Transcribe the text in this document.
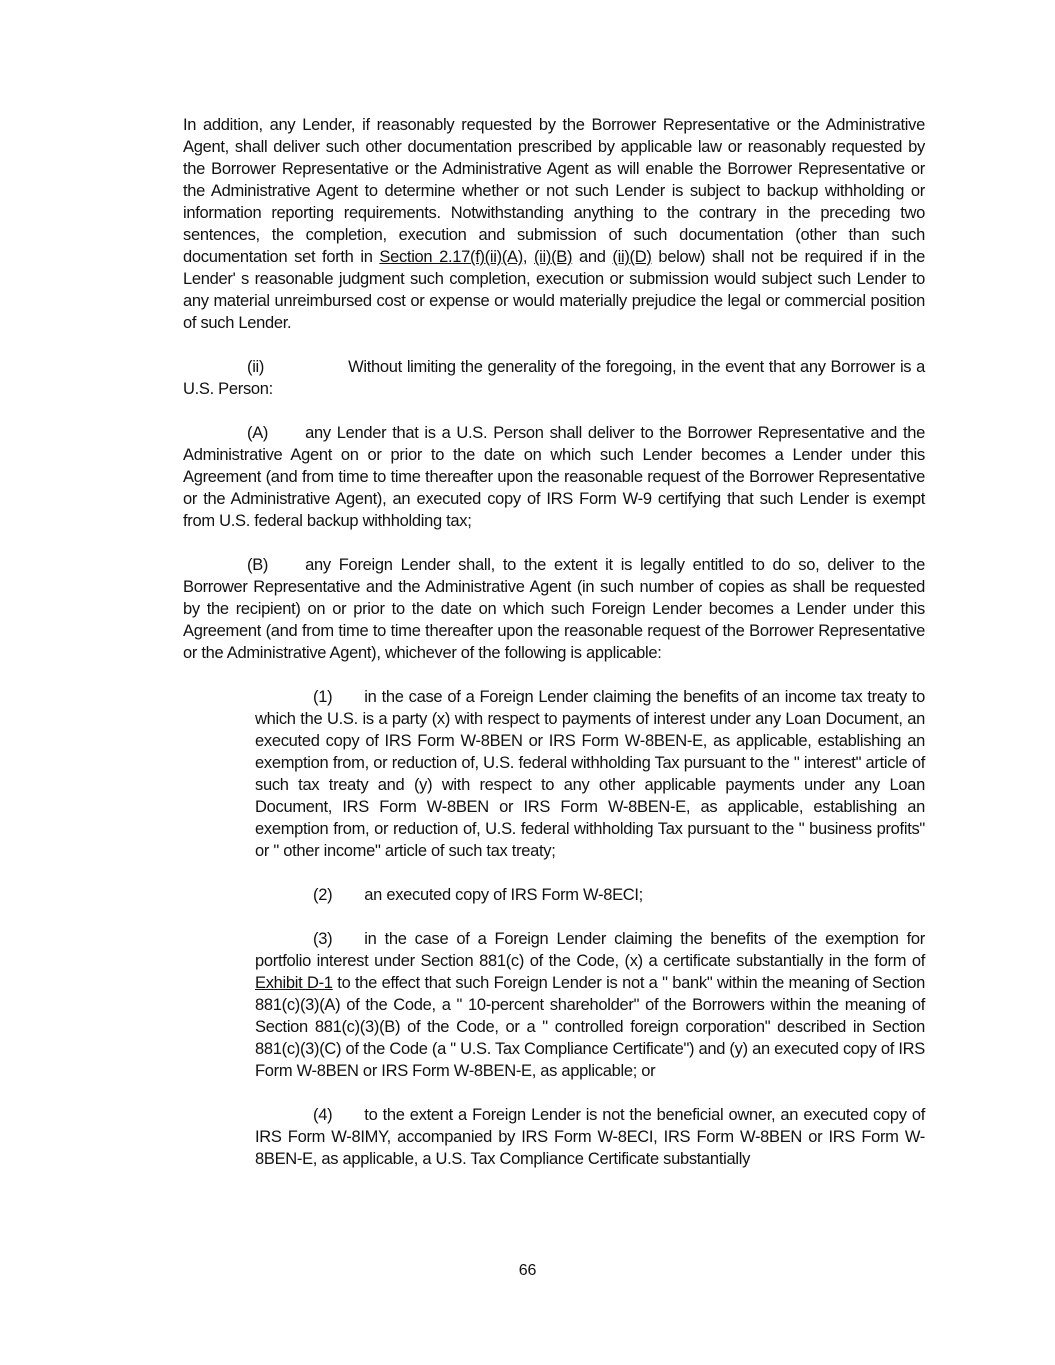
In addition, any Lender, if reasonably requested by the Borrower Representative or the Administrative Agent, shall deliver such other documentation prescribed by applicable law or reasonably requested by the Borrower Representative or the Administrative Agent as will enable the Borrower Representative or the Administrative Agent to determine whether or not such Lender is subject to backup withholding or information reporting requirements. Notwithstanding anything to the contrary in the preceding two sentences, the completion, execution and submission of such documentation (other than such documentation set forth in Section 2.17(f)(ii)(A), (ii)(B) and (ii)(D) below) shall not be required if in the Lender' s reasonable judgment such completion, execution or submission would subject such Lender to any material unreimbursed cost or expense or would materially prejudice the legal or commercial position of such Lender.

(ii)	Without limiting the generality of the foregoing, in the event that any Borrower is a U.S. Person:

(A) any Lender that is a U.S. Person shall deliver to the Borrower Representative and the Administrative Agent on or prior to the date on which such Lender becomes a Lender under this Agreement (and from time to time thereafter upon the reasonable request of the Borrower Representative or the Administrative Agent), an executed copy of IRS Form W-9 certifying that such Lender is exempt from U.S. federal backup withholding tax;

(B) any Foreign Lender shall, to the extent it is legally entitled to do so, deliver to the Borrower Representative and the Administrative Agent (in such number of copies as shall be requested by the recipient) on or prior to the date on which such Foreign Lender becomes a Lender under this Agreement (and from time to time thereafter upon the reasonable request of the Borrower Representative or the Administrative Agent), whichever of the following is applicable:

(1) in the case of a Foreign Lender claiming the benefits of an income tax treaty to which the U.S. is a party (x) with respect to payments of interest under any Loan Document, an executed copy of IRS Form W-8BEN or IRS Form W-8BEN-E, as applicable, establishing an exemption from, or reduction of, U.S. federal withholding Tax pursuant to the " interest" article of such tax treaty and (y) with respect to any other applicable payments under any Loan Document, IRS Form W-8BEN or IRS Form W-8BEN-E, as applicable, establishing an exemption from, or reduction of, U.S. federal withholding Tax pursuant to the " business profits" or " other income" article of such tax treaty;

(2) an executed copy of IRS Form W-8ECI;

(3) in the case of a Foreign Lender claiming the benefits of the exemption for portfolio interest under Section 881(c) of the Code, (x) a certificate substantially in the form of Exhibit D-1 to the effect that such Foreign Lender is not a " bank" within the meaning of Section 881(c)(3)(A) of the Code, a " 10-percent shareholder" of the Borrowers within the meaning of Section 881(c)(3)(B) of the Code, or a " controlled foreign corporation" described in Section 881(c)(3)(C) of the Code (a " U.S. Tax Compliance Certificate") and (y) an executed copy of IRS Form W-8BEN or IRS Form W-8BEN-E, as applicable; or

(4) to the extent a Foreign Lender is not the beneficial owner, an executed copy of IRS Form W-8IMY, accompanied by IRS Form W-8ECI, IRS Form W-8BEN or IRS Form W-8BEN-E, as applicable, a U.S. Tax Compliance Certificate substantially

66
